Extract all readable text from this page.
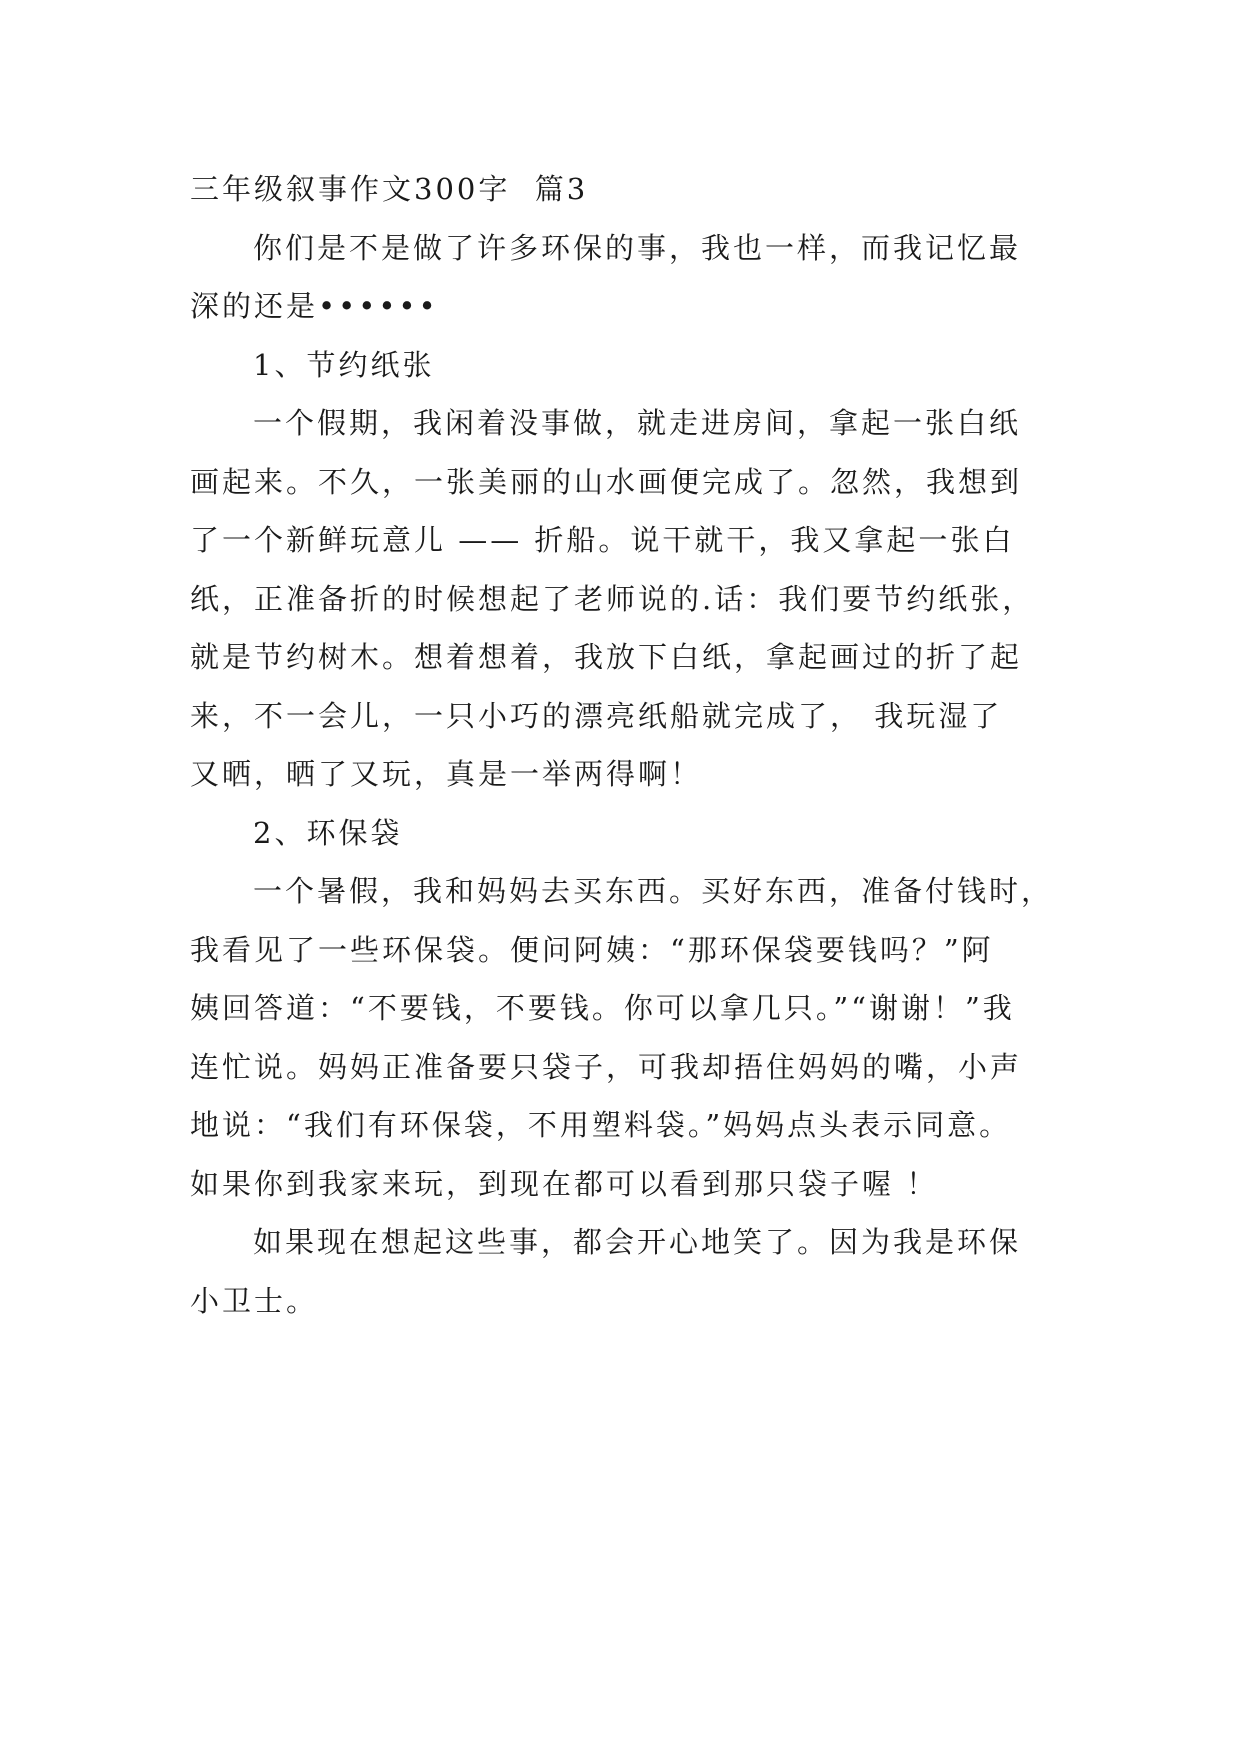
三年级叙事作文300字  篇3
你们是不是做了许多环保的事，我也一样，而我记忆最
深的还是••••••
1、节约纸张
一个假期，我闲着没事做，就走进房间，拿起一张白纸
画起来。不久，一张美丽的山水画便完成了。忽然，我想到
了一个新鲜玩意儿 —— 折船。说干就干，我又拿起一张白
纸，正准备折的时候想起了老师说的.话：我们要节约纸张，
就是节约树木。想着想着，我放下白纸，拿起画过的折了起
来，不一会儿，一只小巧的漂亮纸船就完成了， 我玩湿了
又晒，晒了又玩，真是一举两得啊！
2、环保袋
一个暑假，我和妈妈去买东西。买好东西，准备付钱时，
我看见了一些环保袋。便问阿姨：“那环保袋要钱吗？”阿
姨回答道：“不要钱，不要钱。你可以拿几只。”“谢谢！”我
连忙说。妈妈正准备要只袋子，可我却捂住妈妈的嘴，小声
地说：“我们有环保袋，不用塑料袋。”妈妈点头表示同意。
如果你到我家来玩，到现在都可以看到那只袋子喔 ！
如果现在想起这些事，都会开心地笑了。因为我是环保
小卫士。
